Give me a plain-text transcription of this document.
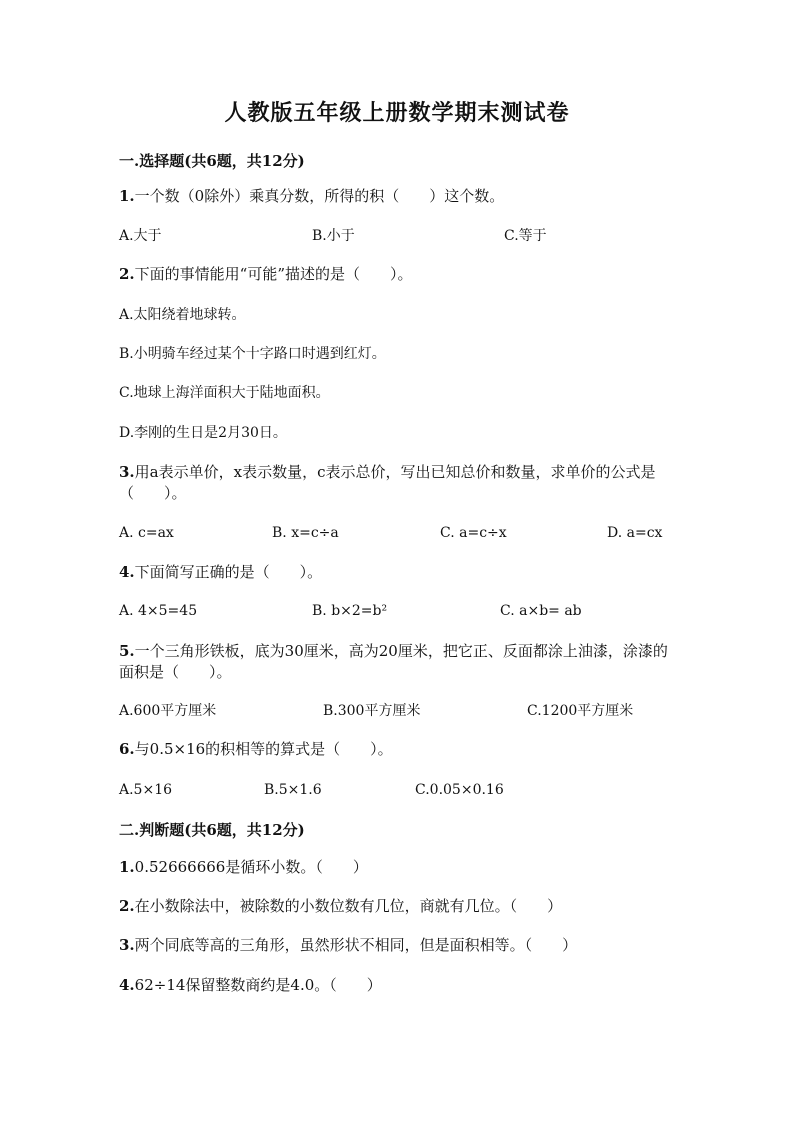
人教版五年级上册数学期末测试卷

一.选择题(共6题，共12分)

1.一个数（0除外）乘真分数，所得的积（　　）这个数。

A.大于	B.小于	C.等于

2.下面的事情能用“可能”描述的是（　　）。

A.太阳绕着地球转。

B.小明骑车经过某个十字路口时遇到红灯。

C.地球上海洋面积大于陆地面积。

D.李刚的生日是2月30日。

3.用a表示单价，x表示数量，c表示总价，写出已知总价和数量，求单价的公式是（　　）。

A. c=ax	B. x=c÷a	C. a=c÷x	D. a=cx

4.下面简写正确的是（　　）。

A. 4×5=45	B. b×2=b²	C. a×b= ab

5.一个三角形铁板，底为30厘米，高为20厘米，把它正、反面都涂上油漆，涂漆的面积是（　　）。

A.600平方厘米	B.300平方厘米	C.1200平方厘米

6.与0.5×16的积相等的算式是（　　）。

A.5×16	B.5×1.6	C.0.05×0.16

二.判断题(共6题，共12分)

1.0.52666666是循环小数。（　　）

2.在小数除法中，被除数的小数位数有几位，商就有几位。（　　）

3.两个同底等高的三角形，虽然形状不相同，但是面积相等。（　　）

4.62÷14保留整数商约是4.0。（　　）
